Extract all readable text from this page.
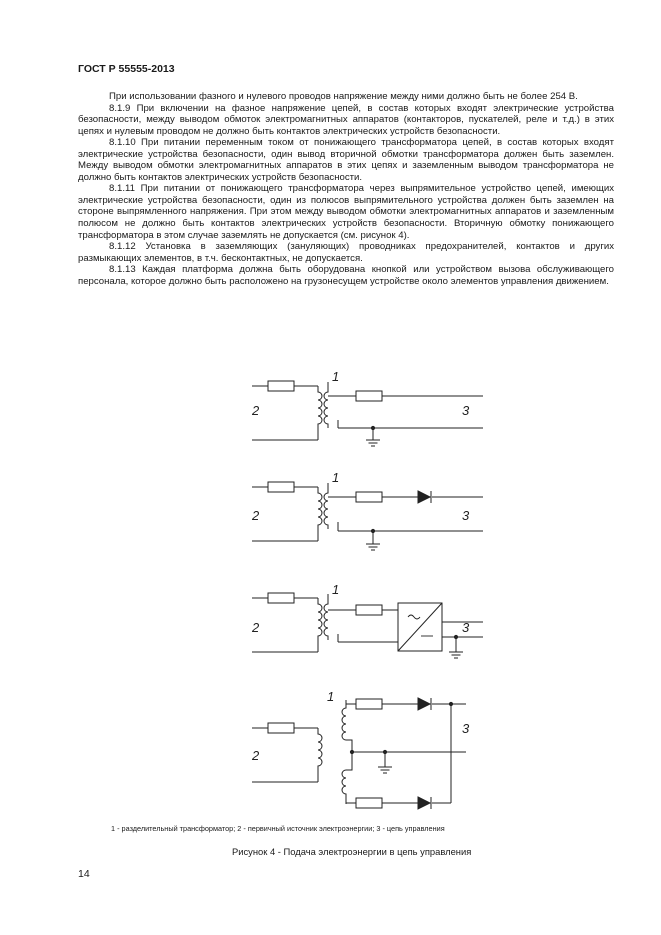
ГОСТ Р 55555-2013

При использовании фазного и нулевого проводов напряжение между ними должно быть не более 254 В.

8.1.9 При включении на фазное напряжение цепей, в состав которых входят электрические устройства безопасности, между выводом обмоток электромагнитных аппаратов (контакторов, пускателей, реле и т.д.) в этих цепях и нулевым проводом не должно быть контактов электрических устройств безопасности.

8.1.10 При питании переменным током от понижающего трансформатора цепей, в состав которых входят электрические устройства безопасности, один вывод вторичной обмотки трансформатора должен быть заземлен. Между выводом обмотки электромагнитных аппаратов в этих цепях и заземленным выводом трансформатора не должно быть контактов электрических устройств безопасности.

8.1.11 При питании от понижающего трансформатора через выпрямительное устройство цепей, имеющих электрические устройства безопасности, один из полюсов выпрямительного устройства должен быть заземлен на стороне выпрямленного напряжения. При этом между выводом обмотки электромагнитных аппаратов и заземленным полюсом не должно быть контактов электрических устройств безопасности. Вторичную обмотку понижающего трансформатора в этом случае заземлять не допускается (см. рисунок 4).

8.1.12 Установка в заземляющих (зануляющих) проводниках предохранителей, контактов и других размыкающих элементов, в т.ч. бесконтактных, не допускается.

8.1.13 Каждая платформа должна быть оборудована кнопкой или устройством вызова обслуживающего персонала, которое должно быть расположено на грузонесущем устройстве около элементов управления движением.

1
2	3
1
2	3
1
2	3
1
2
3
1 - разделительный трансформатор; 2 - первичный источник электроэнергии; 3 - цепь управления
Рисунок 4 - Подача электроэнергии в цепь управления
14
